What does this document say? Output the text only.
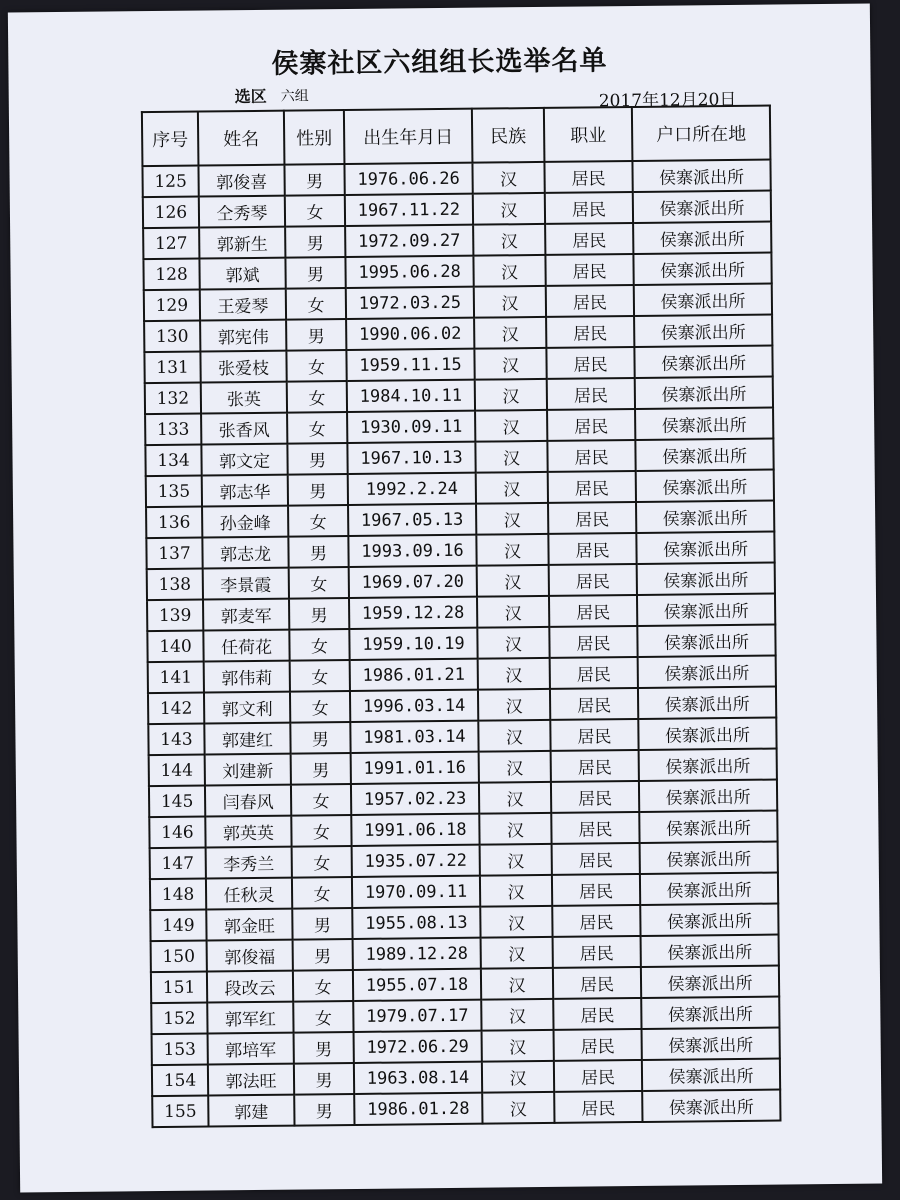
侯寨社区六组组长选举名单
选区 六组	2017年12月20日
序号	姓名	性别	出生年月日	民族	职业	户口所在地
125	郭俊喜	男	1976.06.26	汉	居民	侯寨派出所
126	仝秀琴	女	1967.11.22	汉	居民	侯寨派出所
127	郭新生	男	1972.09.27	汉	居民	侯寨派出所
128	郭斌	男	1995.06.28	汉	居民	侯寨派出所
129	王爱琴	女	1972.03.25	汉	居民	侯寨派出所
130	郭宪伟	男	1990.06.02	汉	居民	侯寨派出所
131	张爱枝	女	1959.11.15	汉	居民	侯寨派出所
132	张英	女	1984.10.11	汉	居民	侯寨派出所
133	张香风	女	1930.09.11	汉	居民	侯寨派出所
134	郭文定	男	1967.10.13	汉	居民	侯寨派出所
135	郭志华	男	1992.2.24	汉	居民	侯寨派出所
136	孙金峰	女	1967.05.13	汉	居民	侯寨派出所
137	郭志龙	男	1993.09.16	汉	居民	侯寨派出所
138	李景霞	女	1969.07.20	汉	居民	侯寨派出所
139	郭麦军	男	1959.12.28	汉	居民	侯寨派出所
140	任荷花	女	1959.10.19	汉	居民	侯寨派出所
141	郭伟莉	女	1986.01.21	汉	居民	侯寨派出所
142	郭文利	女	1996.03.14	汉	居民	侯寨派出所
143	郭建红	男	1981.03.14	汉	居民	侯寨派出所
144	刘建新	男	1991.01.16	汉	居民	侯寨派出所
145	闫春风	女	1957.02.23	汉	居民	侯寨派出所
146	郭英英	女	1991.06.18	汉	居民	侯寨派出所
147	李秀兰	女	1935.07.22	汉	居民	侯寨派出所
148	任秋灵	女	1970.09.11	汉	居民	侯寨派出所
149	郭金旺	男	1955.08.13	汉	居民	侯寨派出所
150	郭俊福	男	1989.12.28	汉	居民	侯寨派出所
151	段改云	女	1955.07.18	汉	居民	侯寨派出所
152	郭军红	女	1979.07.17	汉	居民	侯寨派出所
153	郭培军	男	1972.06.29	汉	居民	侯寨派出所
154	郭法旺	男	1963.08.14	汉	居民	侯寨派出所
155	郭建	男	1986.01.28	汉	居民	侯寨派出所
